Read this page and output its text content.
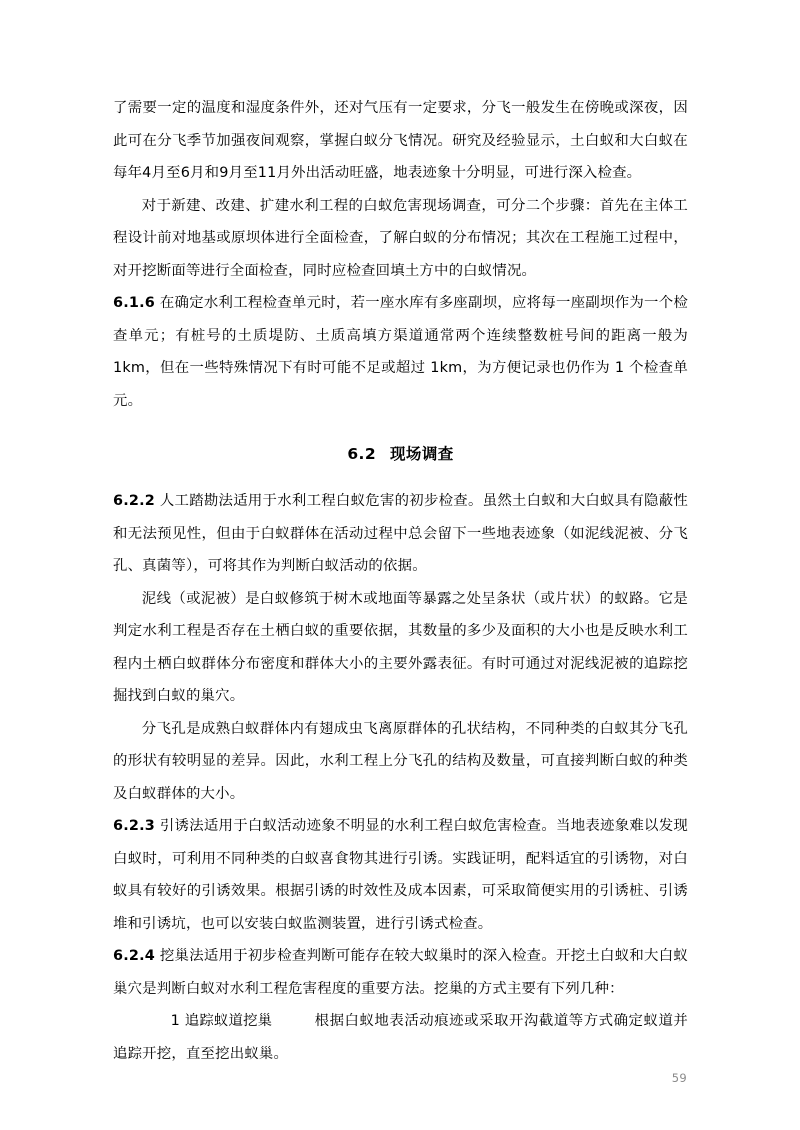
了需要一定的温度和湿度条件外，还对气压有一定要求，分飞一般发生在傍晚或深夜，因此可在分飞季节加强夜间观察，掌握白蚁分飞情况。研究及经验显示，土白蚁和大白蚁在每年4月至6月和9月至11月外出活动旺盛，地表迹象十分明显，可进行深入检查。

对于新建、改建、扩建水利工程的白蚁危害现场调查，可分二个步骤：首先在主体工程设计前对地基或原坝体进行全面检查，了解白蚁的分布情况；其次在工程施工过程中，对开挖断面等进行全面检查，同时应检查回填土方中的白蚁情况。

6.1.6 在确定水利工程检查单元时，若一座水库有多座副坝，应将每一座副坝作为一个检查单元；有桩号的土质堤防、土质高填方渠道通常两个连续整数桩号间的距离一般为 1km，但在一些特殊情况下有时可能不足或超过 1km，为方便记录也仍作为 1 个检查单元。

6.2 现场调查

6.2.2 人工踏勘法适用于水利工程白蚁危害的初步检查。虽然土白蚁和大白蚁具有隐蔽性和无法预见性，但由于白蚁群体在活动过程中总会留下一些地表迹象（如泥线泥被、分飞孔、真菌等），可将其作为判断白蚁活动的依据。

泥线（或泥被）是白蚁修筑于树木或地面等暴露之处呈条状（或片状）的蚁路。它是判定水利工程是否存在土栖白蚁的重要依据，其数量的多少及面积的大小也是反映水利工程内土栖白蚁群体分布密度和群体大小的主要外露表征。有时可通过对泥线泥被的追踪挖掘找到白蚁的巢穴。

分飞孔是成熟白蚁群体内有翅成虫飞离原群体的孔状结构，不同种类的白蚁其分飞孔的形状有较明显的差异。因此，水利工程上分飞孔的结构及数量，可直接判断白蚁的种类及白蚁群体的大小。

6.2.3 引诱法适用于白蚁活动迹象不明显的水利工程白蚁危害检查。当地表迹象难以发现白蚁时，可利用不同种类的白蚁喜食物其进行引诱。实践证明，配料适宜的引诱物，对白蚁具有较好的引诱效果。根据引诱的时效性及成本因素，可采取简便实用的引诱桩、引诱堆和引诱坑，也可以安装白蚁监测装置，进行引诱式检查。

6.2.4 挖巢法适用于初步检查判断可能存在较大蚁巢时的深入检查。开挖土白蚁和大白蚁巢穴是判断白蚁对水利工程危害程度的重要方法。挖巢的方式主要有下列几种：

1 追踪蚁道挖巢	根据白蚁地表活动痕迹或采取开沟截道等方式确定蚁道并追踪开挖，直至挖出蚁巢。

59
